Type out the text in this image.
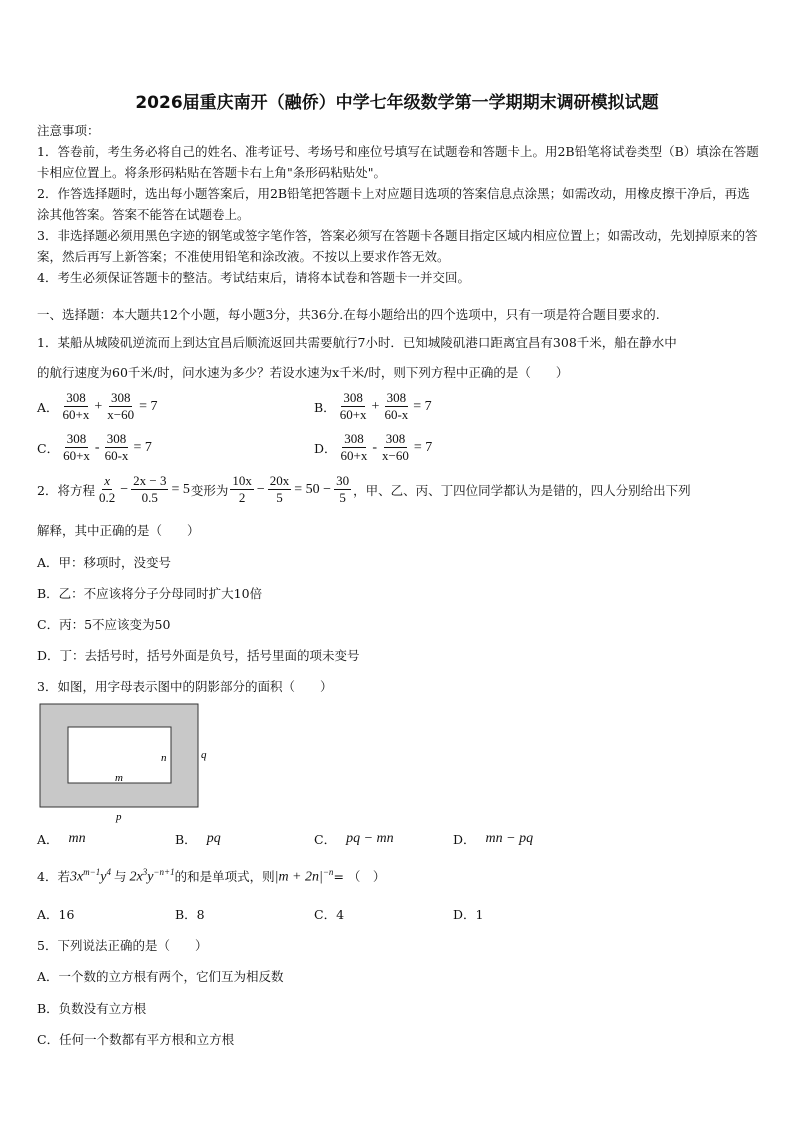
2026届重庆南开（融侨）中学七年级数学第一学期期末调研模拟试题

注意事项：

1．答卷前，考生务必将自己的姓名、准考证号、考场号和座位号填写在试题卷和答题卡上。用2B铅笔将试卷类型（B）填涂在答题卡相应位置上。将条形码粘贴在答题卡右上角"条形码粘贴处"。

2．作答选择题时，选出每小题答案后，用2B铅笔把答题卡上对应题目选项的答案信息点涂黑；如需改动，用橡皮擦干净后，再选涂其他答案。答案不能答在试题卷上。

3．非选择题必须用黑色字迹的钢笔或签字笔作答，答案必须写在答题卡各题目指定区域内相应位置上；如需改动，先划掉原来的答案，然后再写上新答案；不准使用铅笔和涂改液。不按以上要求作答无效。

4．考生必须保证答题卡的整洁。考试结束后，请将本试卷和答题卡一并交回。

一、选择题：本大题共12个小题，每小题3分，共36分.在每小题给出的四个选项中，只有一项是符合题目要求的.
1．某船从城陵矶逆流而上到达宜昌后顺流返回共需要航行7小时．已知城陵矶港口距离宜昌有308千米，船在静水中
的航行速度为60千米/时，问水速为多少？若设水速为x千米/时，则下列方程中正确的是（　　）
A． $\frac{308}{60+x} + \frac{308}{x-60} = 7$	B． $\frac{308}{60+x} + \frac{308}{60-x} = 7$
C． $\frac{308}{60+x} - \frac{308}{60-x} = 7$	D． $\frac{308}{60+x} - \frac{308}{x-60} = 7$
2．将方程 $\frac{x}{0.2} - \frac{2x - 3}{0.5} = 5$ 变形为 $\frac{10x}{2} - \frac{20x}{5} = 50 - \frac{30}{5}$ ，甲、乙、丙、丁四位同学都认为是错的，四人分别给出下列
解释，其中正确的是（　　）
A．甲：移项时，没变号
B．乙：不应该将分子分母同时扩大10倍
C．丙：5不应该变为50
D．丁：去括号时，括号外面是负号，括号里面的项未变号
3．如图，用字母表示图中的阴影部分的面积（　　）
n	q
m
p
A． mn	B． pq	C． pq − mn	D． mn − pq
4．若 $3x^{m-1}y^4$ 与 $2x^3y^{-n+1}$ 的和是单项式，则 $|m + 2n|^{-n}$ = （　）
A．16	B．8	C．4	D．1
5．下列说法正确的是（　　）
A．一个数的立方根有两个，它们互为相反数
B．负数没有立方根
C．任何一个数都有平方根和立方根
